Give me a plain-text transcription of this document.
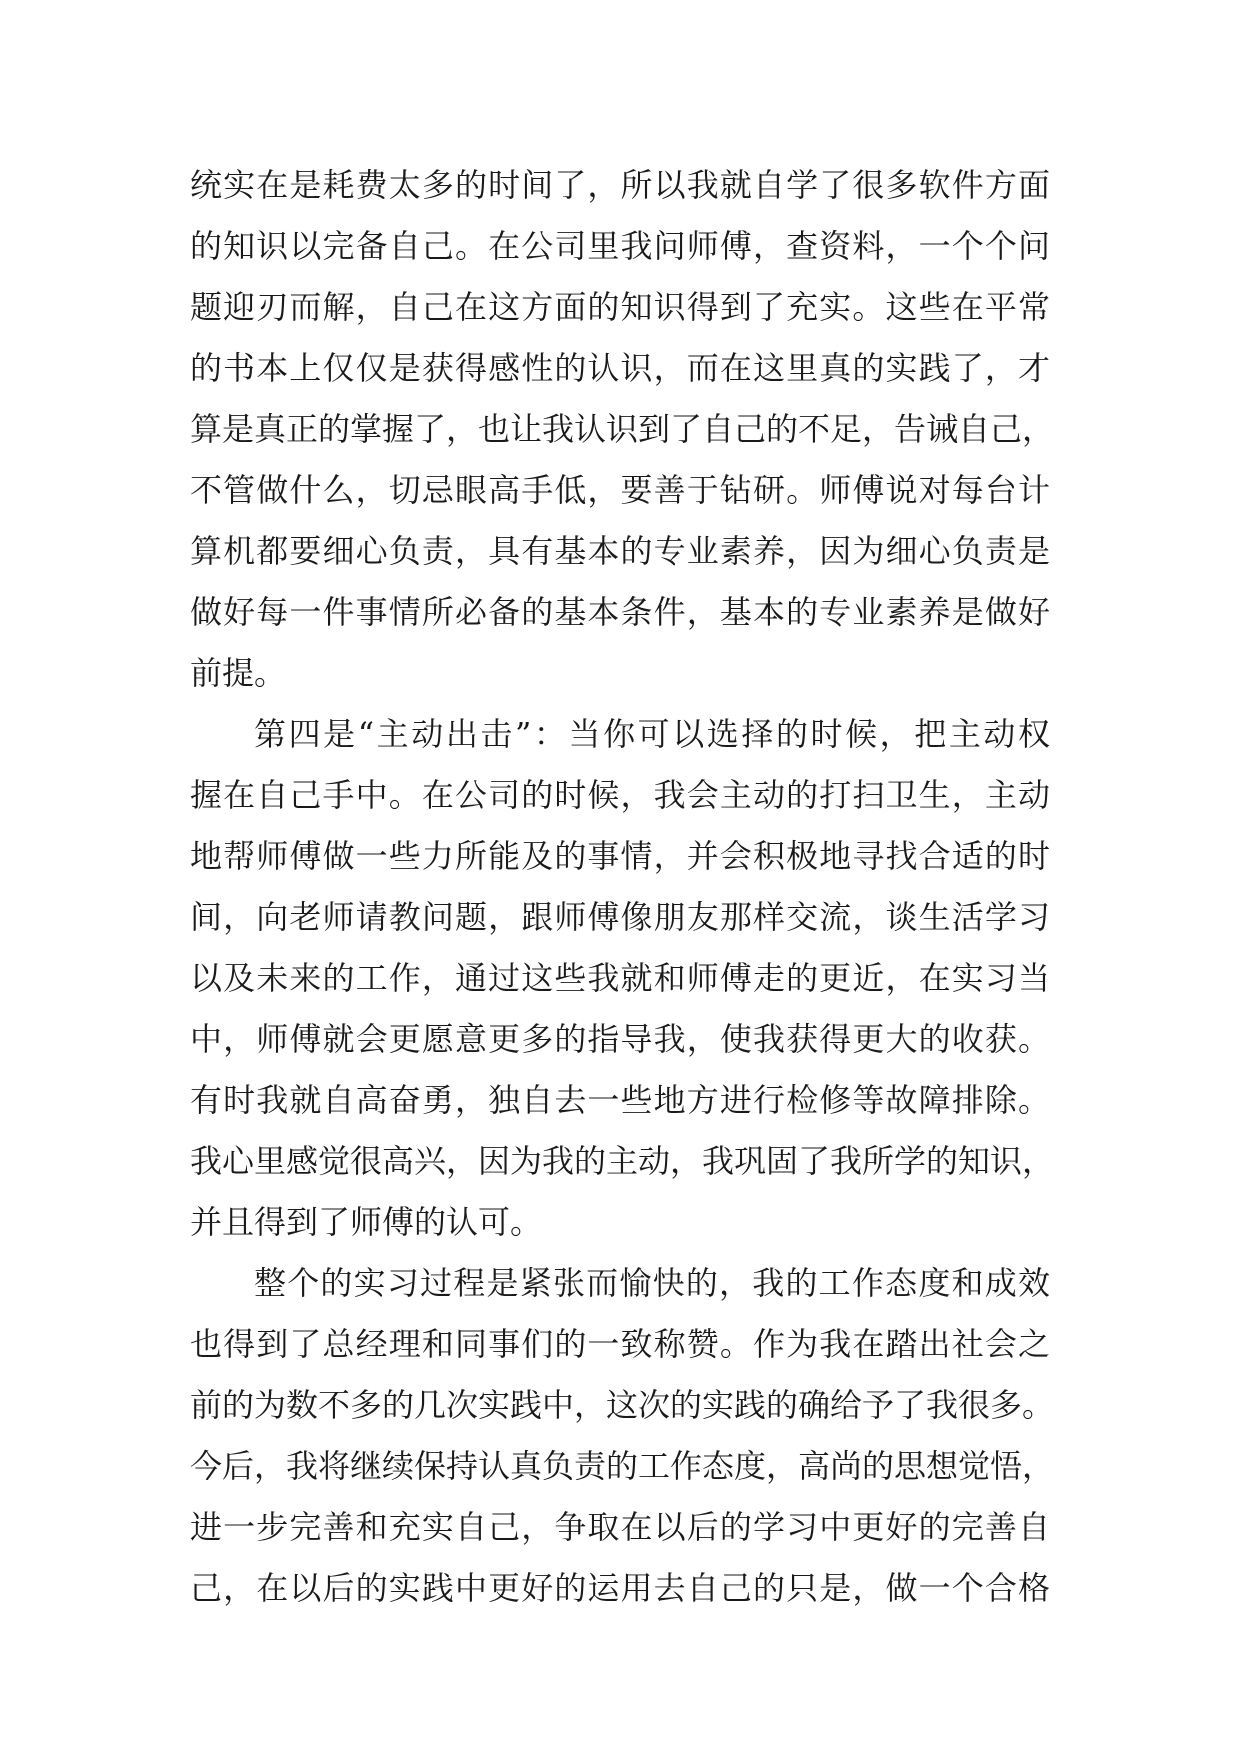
统实在是耗费太多的时间了，所以我就自学了很多软件方面
的知识以完备自己。在公司里我问师傅，查资料，一个个问
题迎刃而解，自己在这方面的知识得到了充实。这些在平常
的书本上仅仅是获得感性的认识，而在这里真的实践了，才
算是真正的掌握了，也让我认识到了自己的不足，告诫自己，
不管做什么，切忌眼高手低，要善于钻研。师傅说对每台计
算机都要细心负责，具有基本的专业素养，因为细心负责是
做好每一件事情所必备的基本条件，基本的专业素养是做好
前提。
第四是“主动出击”：当你可以选择的时候，把主动权
握在自己手中。在公司的时候，我会主动的打扫卫生，主动
地帮师傅做一些力所能及的事情，并会积极地寻找合适的时
间，向老师请教问题，跟师傅像朋友那样交流，谈生活学习
以及未来的工作，通过这些我就和师傅走的更近，在实习当
中，师傅就会更愿意更多的指导我，使我获得更大的收获。
有时我就自高奋勇，独自去一些地方进行检修等故障排除。
我心里感觉很高兴，因为我的主动，我巩固了我所学的知识，
并且得到了师傅的认可。
整个的实习过程是紧张而愉快的，我的工作态度和成效
也得到了总经理和同事们的一致称赞。作为我在踏出社会之
前的为数不多的几次实践中，这次的实践的确给予了我很多。
今后，我将继续保持认真负责的工作态度，高尚的思想觉悟，
进一步完善和充实自己，争取在以后的学习中更好的完善自
己，在以后的实践中更好的运用去自己的只是，做一个合格
